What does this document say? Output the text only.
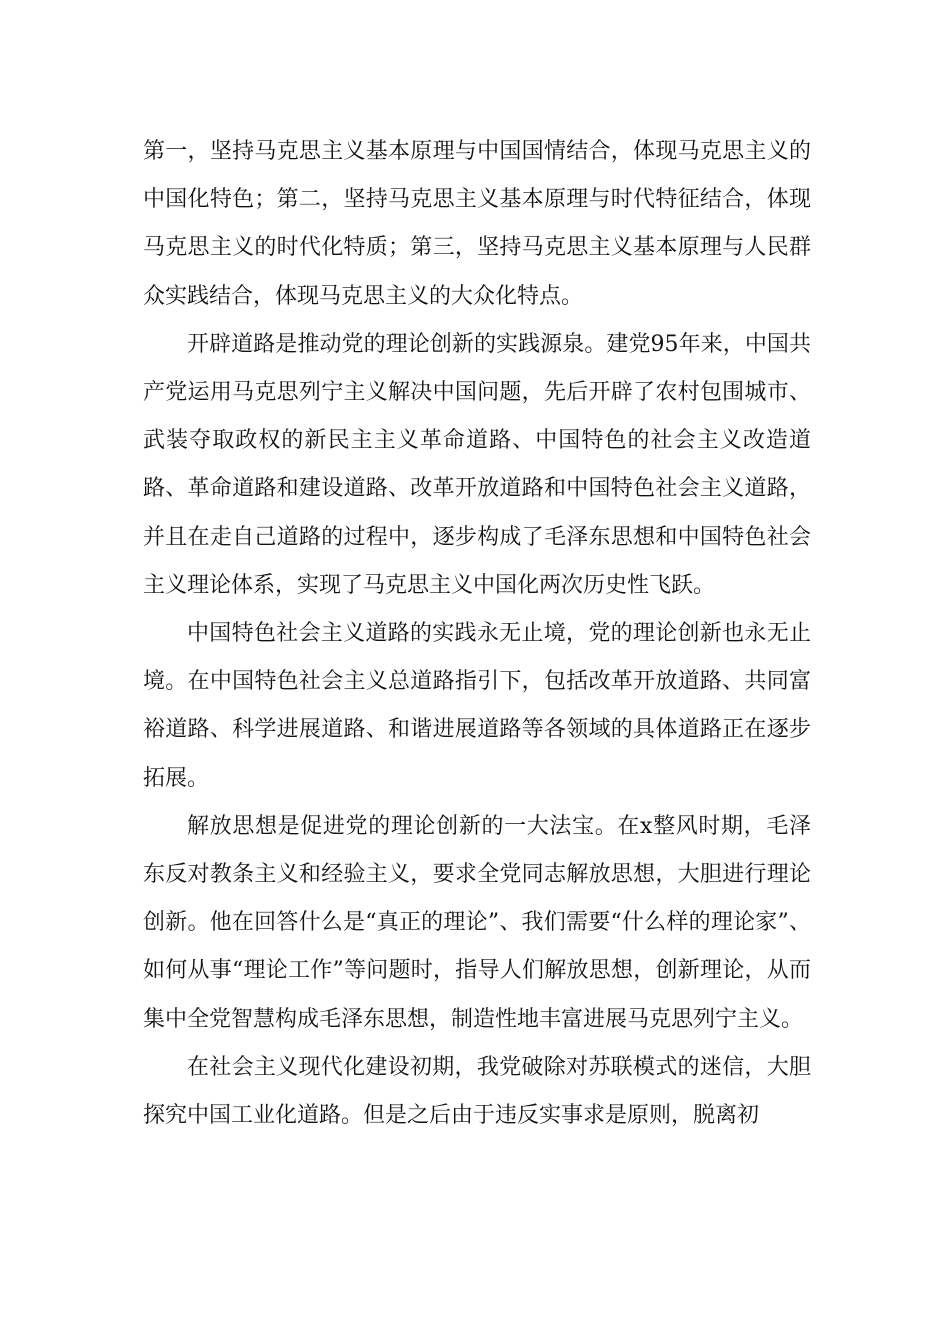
第一，坚持马克思主义基本原理与中国国情结合，体现马克思主义的中国化特色；第二，坚持马克思主义基本原理与时代特征结合，体现马克思主义的时代化特质；第三，坚持马克思主义基本原理与人民群众实践结合，体现马克思主义的大众化特点。

开辟道路是推动党的理论创新的实践源泉。建党95年来，中国共产党运用马克思列宁主义解决中国问题，先后开辟了农村包围城市、武装夺取政权的新民主主义革命道路、中国特色的社会主义改造道路、革命道路和建设道路、改革开放道路和中国特色社会主义道路，并且在走自己道路的过程中，逐步构成了毛泽东思想和中国特色社会主义理论体系，实现了马克思主义中国化两次历史性飞跃。

中国特色社会主义道路的实践永无止境，党的理论创新也永无止境。在中国特色社会主义总道路指引下，包括改革开放道路、共同富裕道路、科学进展道路、和谐进展道路等各领域的具体道路正在逐步拓展。

解放思想是促进党的理论创新的一大法宝。在x整风时期，毛泽东反对教条主义和经验主义，要求全党同志解放思想，大胆进行理论创新。他在回答什么是“真正的理论”、我们需要“什么样的理论家”、如何从事“理论工作”等问题时，指导人们解放思想，创新理论，从而集中全党智慧构成毛泽东思想，制造性地丰富进展马克思列宁主义。

在社会主义现代化建设初期，我党破除对苏联模式的迷信，大胆探究中国工业化道路。但是之后由于违反实事求是原则，脱离初
